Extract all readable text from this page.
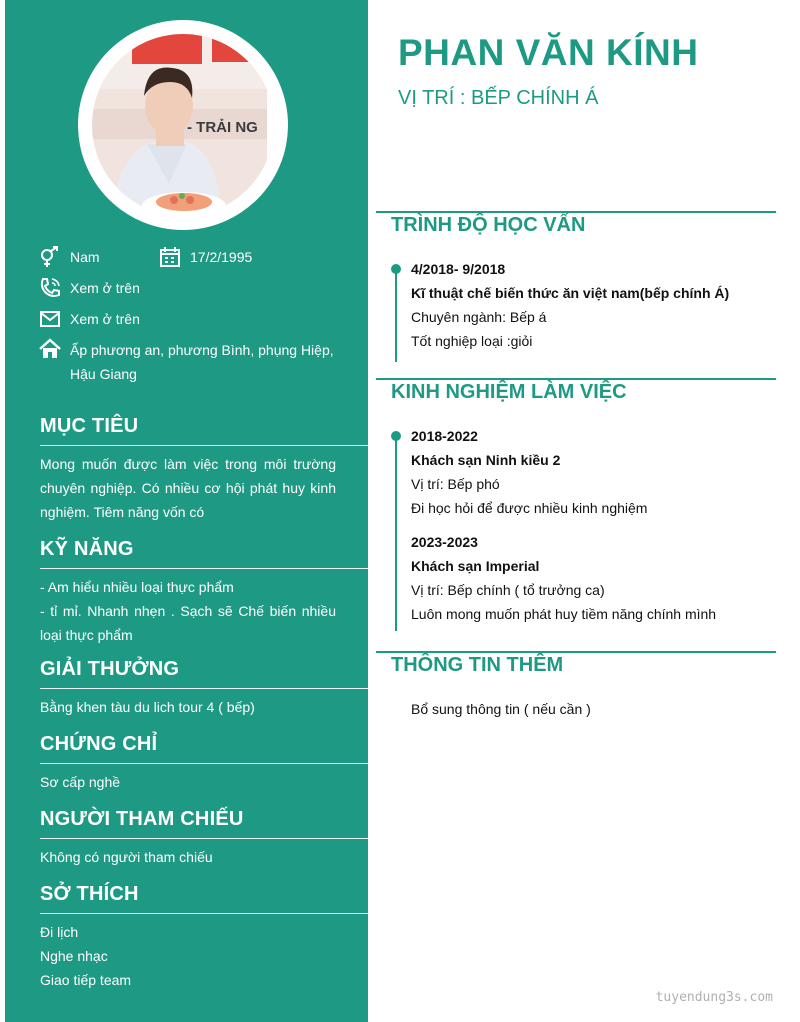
- TRẢI NG
Nam	17/2/1995
Xem ở trên
Xem ở trên
Ấp phương an, phương Bình, phụng Hiệp, Hậu Giang
MỤC TIÊU
Mong muốn được làm việc trong môi trường chuyên nghiệp. Có nhiều cơ hội phát huy kinh nghiệm. Tiêm năng vốn có
KỸ NĂNG
- Am hiểu nhiều loại thực phẩm
- tỉ mỉ. Nhanh nhẹn . Sạch sẽ Chế biến nhiều loại thực phẩm
GIẢI THƯỞNG
Bằng khen tàu du lich tour 4 ( bếp)
CHỨNG CHỈ
Sơ cấp nghề
NGƯỜI THAM CHIẾU
Không có người tham chiếu
SỞ THÍCH
Đi lịch
Nghe nhạc
Giao tiếp team
PHAN VĂN KÍNH
VỊ TRÍ : BẾP CHÍNH Á
TRÌNH ĐỘ HỌC VẤN
4/2018- 9/2018
Kĩ thuật chế biến thức ăn việt nam(bếp chính Á)
Chuyên ngành: Bếp á
Tốt nghiệp loại :giỏi
KINH NGHIỆM LÀM VIỆC
2018-2022
Khách sạn Ninh kiều 2
Vị trí: Bếp phó
Đi học hỏi để được nhiều kinh nghiệm
2023-2023
Khách sạn Imperial
Vị trí: Bếp chính ( tổ trưởng ca)
Luôn mong muốn phát huy tiềm năng chính mình
THÔNG TIN THÊM
Bổ sung thông tin ( nếu cần )
tuyendung3s.com
